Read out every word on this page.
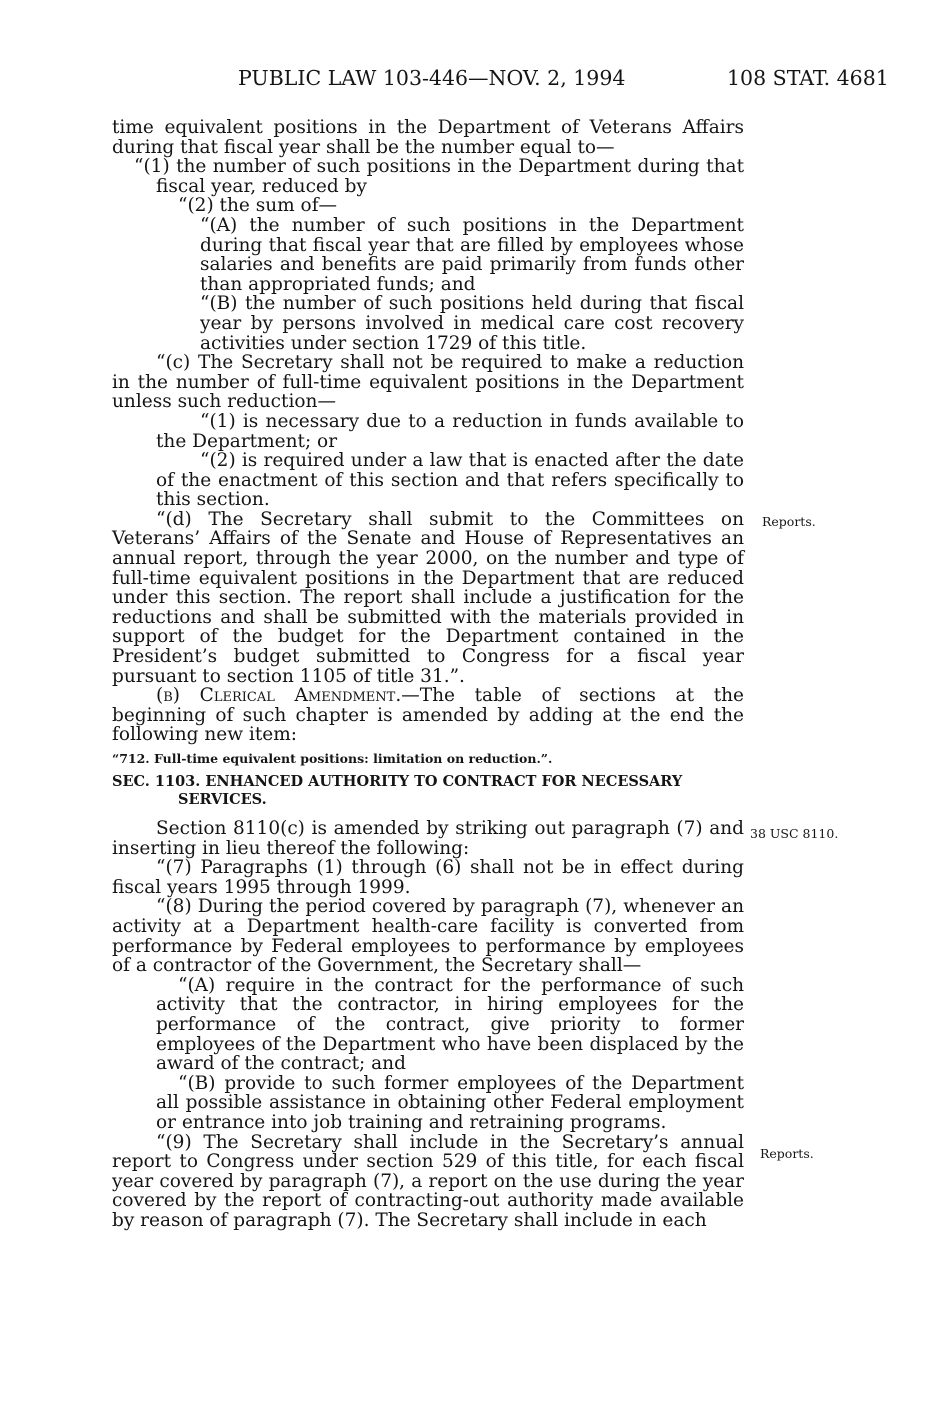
PUBLIC LAW 103-446—NOV. 2, 1994	108 STAT. 4681

time equivalent positions in the Department of Veterans Affairs during that fiscal year shall be the number equal to—

“(1) the number of such positions in the Department during that fiscal year, reduced by

“(2) the sum of—

“(A) the number of such positions in the Department during that fiscal year that are filled by employees whose salaries and benefits are paid primarily from funds other than appropriated funds; and

“(B) the number of such positions held during that fiscal year by persons involved in medical care cost recovery activities under section 1729 of this title.

“(c) The Secretary shall not be required to make a reduction in the number of full-time equivalent positions in the Department unless such reduction—

“(1) is necessary due to a reduction in funds available to the Department; or

“(2) is required under a law that is enacted after the date of the enactment of this section and that refers specifically to this section.

“(d) The Secretary shall submit to the Committees on Veterans’ Affairs of the Senate and House of Representatives an annual report, through the year 2000, on the number and type of full-time equivalent positions in the Department that are reduced under this section. The report shall include a justification for the reductions and shall be submitted with the materials provided in support of the budget for the Department contained in the President’s budget submitted to Congress for a fiscal year pursuant to section 1105 of title 31.”.

(b) Clerical Amendment.—The table of sections at the beginning of such chapter is amended by adding at the end the following new item:

“712. Full-time equivalent positions: limitation on reduction.”.

SEC. 1103. ENHANCED AUTHORITY TO CONTRACT FOR NECESSARY SERVICES.

Section 8110(c) is amended by striking out paragraph (7) and inserting in lieu thereof the following:

“(7) Paragraphs (1) through (6) shall not be in effect during fiscal years 1995 through 1999.

“(8) During the period covered by paragraph (7), whenever an activity at a Department health-care facility is converted from performance by Federal employees to performance by employees of a contractor of the Government, the Secretary shall—

“(A) require in the contract for the performance of such activity that the contractor, in hiring employees for the performance of the contract, give priority to former employees of the Department who have been displaced by the award of the contract; and

“(B) provide to such former employees of the Department all possible assistance in obtaining other Federal employment or entrance into job training and retraining programs.

“(9) The Secretary shall include in the Secretary’s annual report to Congress under section 529 of this title, for each fiscal year covered by paragraph (7), a report on the use during the year covered by the report of contracting-out authority made available by reason of paragraph (7). The Secretary shall include in each

Reports.
38 USC 8110.
Reports.
